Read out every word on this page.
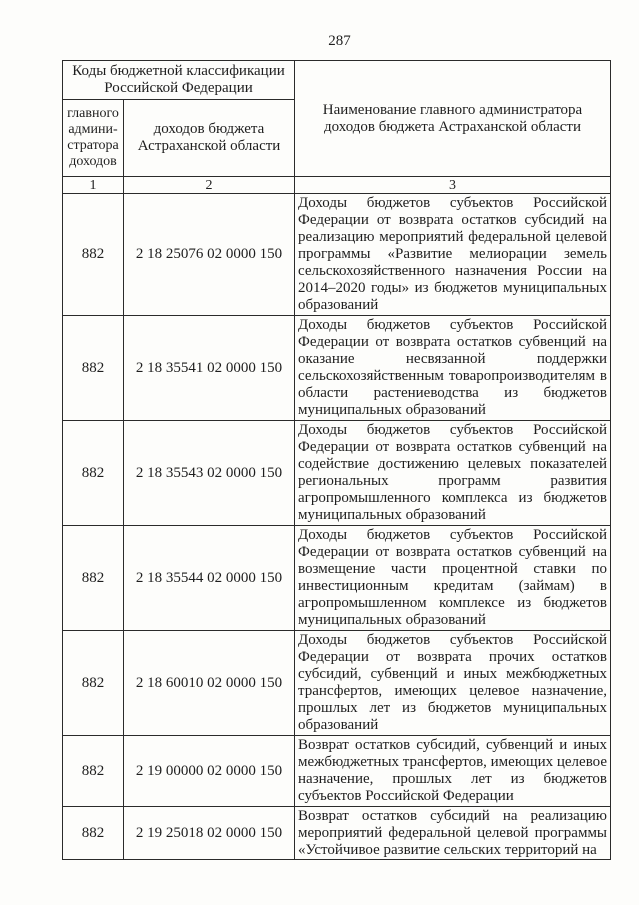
287
Коды бюджетной классификации Российской Федерации		Наименование главного администратора доходов бюджета Астраханской области
главного админи-стратора доходов	доходов бюджета Астраханской области	
1	2	3
882	2 18 25076 02 0000 150	Доходы бюджетов субъектов Российской Федерации от возврата остатков субсидий на реализацию мероприятий федеральной целевой программы «Развитие мелиорации земель сельскохозяйственного назначения России на 2014–2020 годы» из бюджетов муниципальных образований
882	2 18 35541 02 0000 150	Доходы бюджетов субъектов Российской Федерации от возврата остатков субвенций на оказание несвязанной поддержки сельскохозяйственным товаропроизводителям в области растениеводства из бюджетов муниципальных образований
882	2 18 35543 02 0000 150	Доходы бюджетов субъектов Российской Федерации от возврата остатков субвенций на содействие достижению целевых показателей региональных программ развития агропромышленного комплекса из бюджетов муниципальных образований
882	2 18 35544 02 0000 150	Доходы бюджетов субъектов Российской Федерации от возврата остатков субвенций на возмещение части процентной ставки по инвестиционным кредитам (займам) в агропромышленном комплексе из бюджетов муниципальных образований
882	2 18 60010 02 0000 150	Доходы бюджетов субъектов Российской Федерации от возврата прочих остатков субсидий, субвенций и иных межбюджетных трансфертов, имеющих целевое назначение, прошлых лет из бюджетов муниципальных образований
882	2 19 00000 02 0000 150	Возврат остатков субсидий, субвенций и иных межбюджетных трансфертов, имеющих целевое назначение, прошлых лет из бюджетов субъектов Российской Федерации
882	2 19 25018 02 0000 150	Возврат остатков субсидий на реализацию мероприятий федеральной целевой программы «Устойчивое развитие сельских территорий на
